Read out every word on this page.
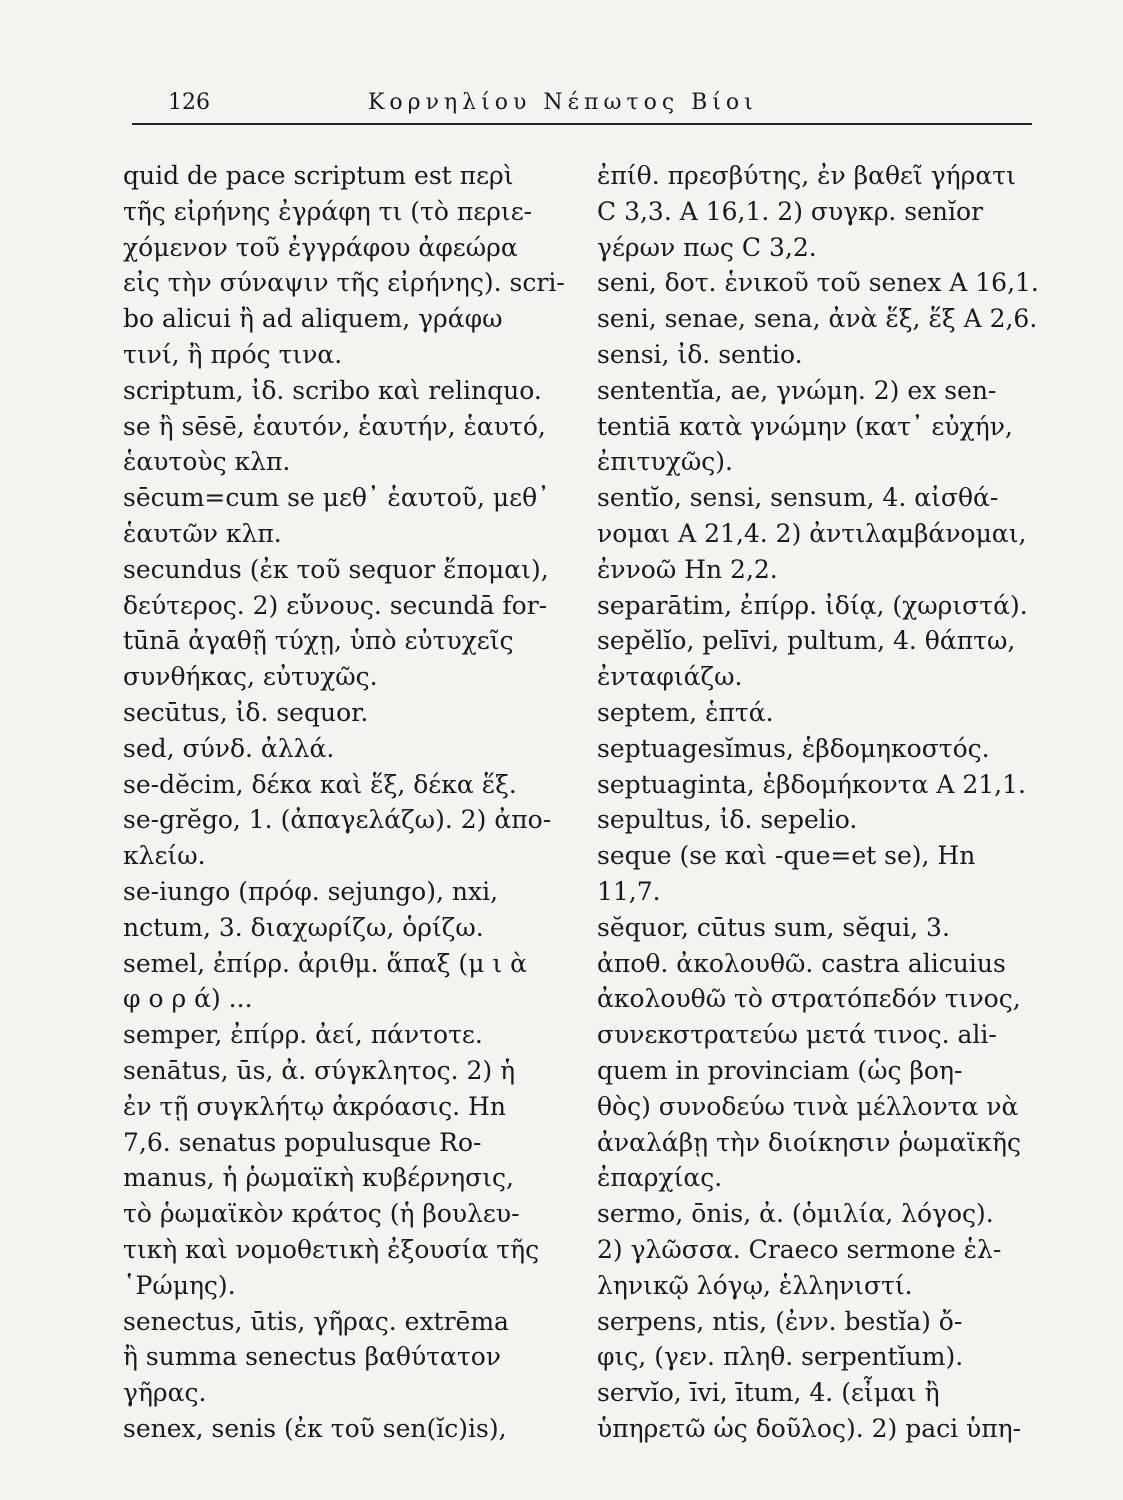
126	Κορνηλίου Νέπωτος Βίοι

quid de pace scriptum est περὶ
τῆς εἰρήνης ἐγράφη τι (τὸ περιε-
χόμενον τοῦ ἐγγράφου ἀφεώρα
εἰς τὴν σύναψιν τῆς εἰρήνης). scri-
bo alicui ἢ ad aliquem, γράφω
τινί, ἢ πρός τινα.

scriptum, ἰδ. scribo καὶ relinquo.

se ἢ sēsē, ἑαυτόν, ἑαυτήν, ἑαυτό,
ἑαυτοὺς κλπ.

sēcum=cum se μεθ᾽ ἑαυτοῦ, μεθ᾽
ἑαυτῶν κλπ.

secundus (ἐκ τοῦ sequor ἕπομαι),
δεύτερος. 2) εὔνους. secundā for-
tūnā ἀγαθῇ τύχῃ, ὑπὸ εὐτυχεῖς
συνθήκας, εὐτυχῶς.

secūtus, ἰδ. sequor.

sed, σύνδ. ἀλλά.

se-dĕcim, δέκα καὶ ἕξ, δέκα ἕξ.

se-grĕgo, 1. (ἀπαγελάζω). 2) ἀπο-
κλείω.

se-iungo (πρόφ. sejungo), nxi,
nctum, 3. διαχωρίζω, ὁρίζω.

semel, ἐπίρρ. ἀριθμ. ἅπαξ (μ ι ὰ
φ ο ρ ά) ...

semper, ἐπίρρ. ἀεί, πάντοτε.

senātus, ūs, ἀ. σύγκλητος. 2) ἡ
ἐν τῇ συγκλήτῳ ἀκρόασις. Hn
7,6. senatus populusque Ro-
manus, ἡ ῥωμαϊκὴ κυβέρνησις,
τὸ ῥωμαϊκὸν κράτος (ἡ βουλευ-
τικὴ καὶ νομοθετικὴ ἐξουσία τῆς
῾Ρώμης).

senectus, ūtis, γῆρας. extrēma
ἢ summa senectus βαθύτατον
γῆρας.

senex, senis (ἐκ τοῦ sen(ĭc)is),

ἐπίθ. πρεσβύτης, ἐν βαθεῖ γήρατι
C 3,3. A 16,1. 2) συγκρ. senĭor
γέρων πως C 3,2.

seni, δοτ. ἑνικοῦ τοῦ senex A 16,1.

seni, senae, sena, ἀνὰ ἕξ, ἕξ A 2,6.

sensi, ἰδ. sentio.

sententĭa, ae, γνώμη. 2) ex sen-
tentiā κατὰ γνώμην (κατ᾽ εὐχήν,
ἐπιτυχῶς).

sentĭo, sensi, sensum, 4. αἰσθά-
νομαι A 21,4. 2) ἀντιλαμβάνομαι,
ἐννοῶ Hn 2,2.

separātim, ἐπίρρ. ἰδίᾳ, (χωριστά).

sepĕlĭo, pelīvi, pultum, 4. θάπτω,
ἐνταφιάζω.

septem, ἑπτά.

septuagesĭmus, ἑβδομηκοστός.

septuaginta, ἑβδομήκοντα A 21,1.

sepultus, ἰδ. sepelio.

seque (se καὶ -que=et se), Hn
11,7.

sĕquor, cūtus sum, sĕqui, 3.
ἀποθ. ἀκολουθῶ. castra alicuius
ἀκολουθῶ τὸ στρατόπεδόν τινος,
συνεκστρατεύω μετά τινος. ali-
quem in provinciam (ὡς βοη-
θὸς) συνοδεύω τινὰ μέλλοντα νὰ
ἀναλάβῃ τὴν διοίκησιν ῥωμαϊκῆς
ἐπαρχίας.

sermo, ōnis, ἀ. (ὁμιλία, λόγος).
2) γλῶσσα. Craeco sermone ἑλ-
ληνικῷ λόγῳ, ἑλληνιστί.

serpens, ntis, (ἐνν. bestĭa) ὄ-
φις, (γεν. πληθ. serpentĭum).

servĭo, īvi, ītum, 4. (εἶμαι ἢ
ὑπηρετῶ ὡς δοῦλος). 2) paci ὑπη-
